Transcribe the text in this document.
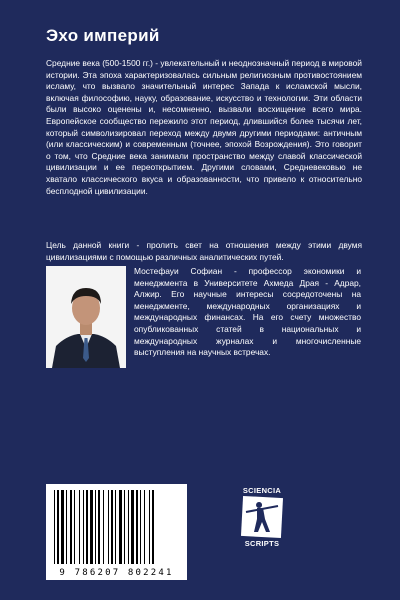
Эхо империй

Средние века (500-1500 гг.) - увлекательный и неоднозначный период в мировой истории. Эта эпоха характеризовалась сильным религиозным противостоянием исламу, что вызвало значительный интерес Запада к исламской мысли, включая философию, науку, образование, искусство и технологии. Эти области были высоко оценены и, несомненно, вызвали восхищение всего мира. Европейское сообщество пережило этот период, длившийся более тысячи лет, который символизировал переход между двумя другими периодами: античным (или классическим) и современным (точнее, эпохой Возрождения). Это говорит о том, что Средние века занимали пространство между славой классической цивилизации и ее переоткрытием. Другими словами, Средневековью не хватало классического вкуса и образованности, что привело к относительно бесплодной цивилизации.

Цель данной книги - пролить свет на отношения между этими двумя цивилизациями с помощью различных аналитических путей.

Мостефауи Софиан - профессор экономики и менеджмента в Университете Ахмеда Драя - Адрар, Алжир. Его научные интересы сосредоточены на менеджменте, международных организациях и международных финансах. На его счету множество опубликованных статей в национальных и международных журналах и многочисленные выступления на научных встречах.
9 786207 802241
SCIENCIA
SCRIPTS
